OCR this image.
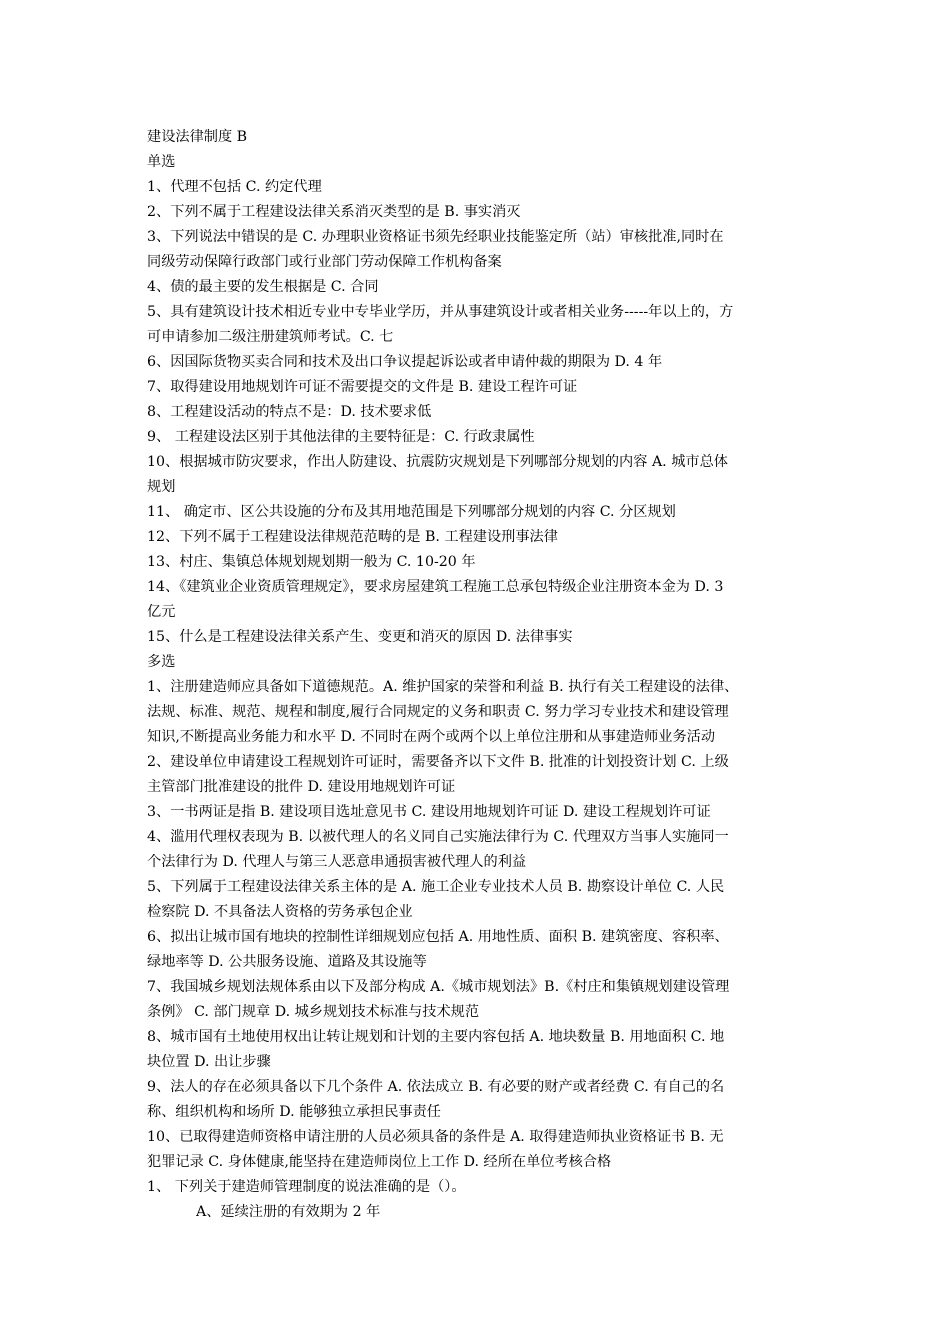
建设法律制度 B
单选
1、代理不包括 C. 约定代理
2、下列不属于工程建设法律关系消灭类型的是 B. 事实消灭
3、下列说法中错误的是 C. 办理职业资格证书须先经职业技能鉴定所（站）审核批准,同时在
同级劳动保障行政部门或行业部门劳动保障工作机构备案
4、债的最主要的发生根据是 C. 合同
5、具有建筑设计技术相近专业中专毕业学历，并从事建筑设计或者相关业务-----年以上的，方
可申请参加二级注册建筑师考试。C. 七
6、因国际货物买卖合同和技术及出口争议提起诉讼或者申请仲裁的期限为 D. 4 年
7、取得建设用地规划许可证不需要提交的文件是 B. 建设工程许可证
8、工程建设活动的特点不是：D. 技术要求低
9、 工程建设法区别于其他法律的主要特征是：C. 行政隶属性
10、根据城市防灾要求，作出人防建设、抗震防灾规划是下列哪部分规划的内容 A. 城市总体
规划
11、 确定市、区公共设施的分布及其用地范围是下列哪部分规划的内容 C. 分区规划
12、下列不属于工程建设法律规范范畴的是 B. 工程建设刑事法律
13、村庄、集镇总体规划规划期一般为 C. 10-20 年
14、《建筑业企业资质管理规定》，要求房屋建筑工程施工总承包特级企业注册资本金为 D. 3
亿元
15、什么是工程建设法律关系产生、变更和消灭的原因 D. 法律事实
多选
1、注册建造师应具备如下道德规范。A. 维护国家的荣誉和利益 B. 执行有关工程建设的法律、
法规、标准、规范、规程和制度,履行合同规定的义务和职责 C. 努力学习专业技术和建设管理
知识,不断提高业务能力和水平 D. 不同时在两个或两个以上单位注册和从事建造师业务活动
2、建设单位申请建设工程规划许可证时，需要备齐以下文件 B. 批准的计划投资计划 C. 上级
主管部门批准建设的批件 D. 建设用地规划许可证
3、一书两证是指 B. 建设项目选址意见书 C. 建设用地规划许可证 D. 建设工程规划许可证
4、滥用代理权表现为 B. 以被代理人的名义同自己实施法律行为 C. 代理双方当事人实施同一
个法律行为 D. 代理人与第三人恶意串通损害被代理人的利益
5、下列属于工程建设法律关系主体的是 A. 施工企业专业技术人员 B. 勘察设计单位 C. 人民
检察院 D. 不具备法人资格的劳务承包企业
6、拟出让城市国有地块的控制性详细规划应包括 A. 用地性质、面积 B. 建筑密度、容积率、
绿地率等 D. 公共服务设施、道路及其设施等
7、我国城乡规划法规体系由以下及部分构成 A.《城市规划法》B.《村庄和集镇规划建设管理
条例》 C. 部门规章 D. 城乡规划技术标准与技术规范
8、城市国有土地使用权出让转让规划和计划的主要内容包括 A. 地块数量 B. 用地面积 C. 地
块位置 D. 出让步骤
9、法人的存在必须具备以下几个条件 A. 依法成立 B. 有必要的财产或者经费 C. 有自己的名
称、组织机构和场所 D. 能够独立承担民事责任
10、已取得建造师资格申请注册的人员必须具备的条件是 A. 取得建造师执业资格证书 B. 无
犯罪记录 C. 身体健康,能坚持在建造师岗位上工作 D. 经所在单位考核合格
1、 下列关于建造师管理制度的说法准确的是（）。
A、延续注册的有效期为 2 年
